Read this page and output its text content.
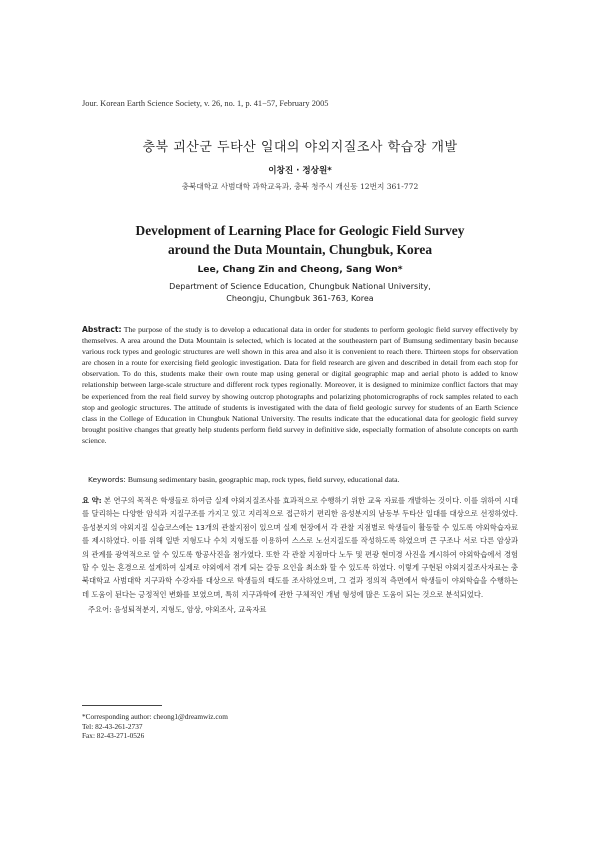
Jour. Korean Earth Science Society, v. 26, no. 1, p. 41−57, February 2005
충북 괴산군 두타산 일대의 야외지질조사 학습장 개발
이창진 · 정상원*
충북대학교 사범대학 과학교육과, 충북 청주시 개신동 12번지 361-772
Development of Learning Place for Geologic Field Survey
around the Duta Mountain, Chungbuk, Korea
Lee, Chang Zin and Cheong, Sang Won*
Department of Science Education, Chungbuk National University,
Cheongju, Chungbuk 361-763, Korea
Abstract: The purpose of the study is to develop a educational data in order for students to perform geologic field survey effectively by themselves. A area around the Duta Mountain is selected, which is located at the southeastern part of Bumsung sedimentary basin because various rock types and geologic structures are well shown in this area and also it is convenient to reach there. Thirteen stops for observation are chosen in a route for exercising field geologic investigation. Data for field research are given and described in detail from each stop for observation. To do this, students make their own route map using general or digital geographic map and aerial photo is added to know relationship between large-scale structure and different rock types regionally. Moreover, it is designed to minimize conflict factors that may be experienced from the real field survey by showing outcrop photographs and polarizing photomicrographs of rock samples related to each stop and geologic structures. The attitude of students is investigated with the data of field geologic survey for students of an Earth Science class in the College of Education in Chungbuk National University. The results indicate that the educational data for geologic field survey brought positive changes that greatly help students perform field survey in definitive side, especially formation of absolute concepts on earth science.
Keywords: Bumsung sedimentary basin, geographic map, rock types, field survey, educational data.
요 약: 본 연구의 목적은 학생들로 하여금 실제 야외지질조사를 효과적으로 수행하기 위한 교육 자료를 개발하는 것이다. 이를 위하여 시대를 달리하는 다양한 암석과 지질구조를 가지고 있고 지리적으로 접근하기 편리한 음성분지의 남동부 두타산 일대를 대상으로 선정하였다. 음성분지의 야외지질 실습코스에는 13개의 관찰지점이 있으며 실제 현장에서 각 관찰 지점별로 학생들이 활동할 수 있도록 야외학습자료를 제시하였다. 이를 위해 일반 지형도나 수치 지형도를 이용하여 스스로 노선지질도를 작성하도록 하였으며 큰 구조나 서로 다른 암상과의 관계를 광역적으로 알 수 있도록 항공사진을 첨가였다. 또한 각 관찰 지점마다 노두 및 편광 현미경 사진을 게시하여 야외학습에서 경험할 수 있는 혼경으로 설계하여 실제로 야외에서 겪게 되는 갈등 요인을 최소화 할 수 있도록 하였다. 이렇게 구현된 야외지질조사자료는 충북대학교 사범대학 지구과학 수강자를 대상으로 학생들의 태도를 조사하였으며, 그 결과 정의적 측면에서 학생들이 야외학습을 수행하는데 도움이 된다는 긍정적인 변화를 보였으며, 특히 지구과학에 관한 구체적인 개념 형성에 많은 도움이 되는 것으로 분석되었다.
주요어: 음성퇴적분지, 지형도, 암상, 야외조사, 교육자료
*Corresponding author: cheong1@dreamwiz.com
Tel: 82-43-261-2737
Fax: 82-43-271-0526
